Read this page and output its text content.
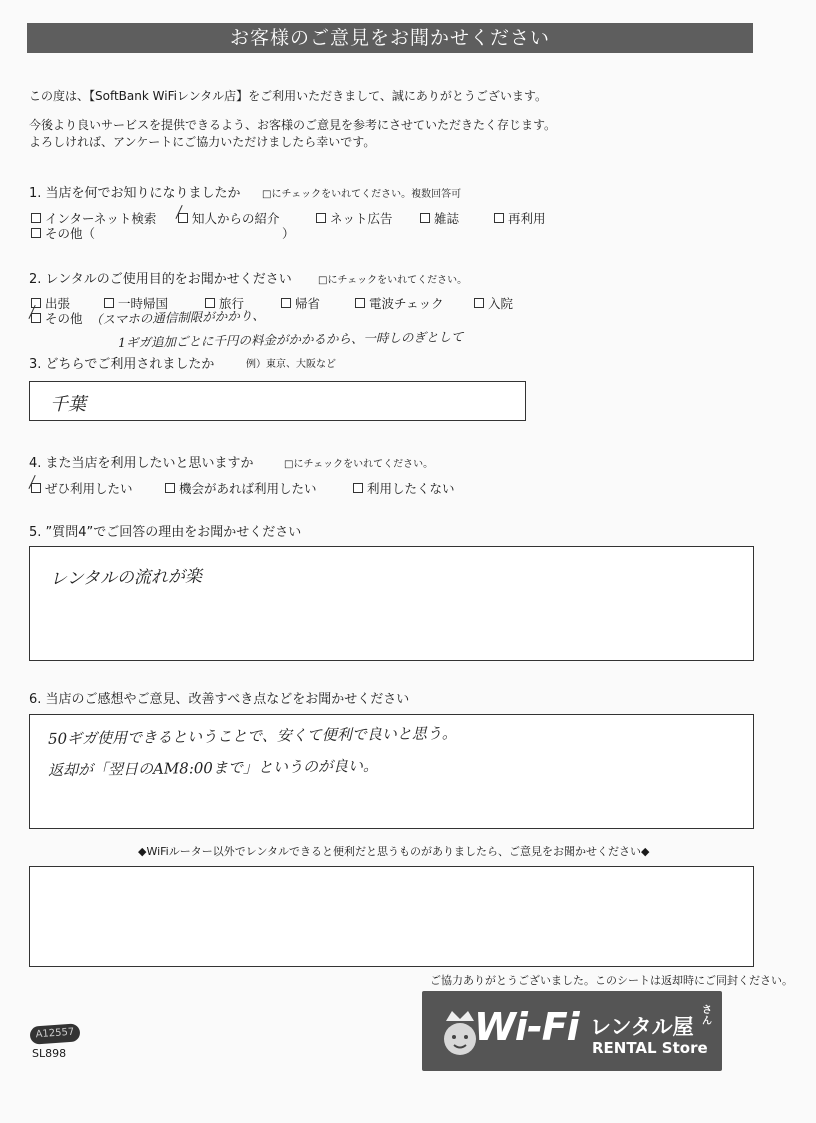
お客様のご意見をお聞かせください
この度は、【SoftBank WiFiレンタル店】をご利用いただきまして、誠にありがとうございます。
今後より良いサービスを提供できるよう、お客様のご意見を参考にさせていただきたく存じます。
よろしければ、アンケートにご協力いただけましたら幸いです。
1. 当店を何でお知りになりましたか □にチェックをいれてください。複数回答可
インターネット検索	知人からの紹介	ネット広告	雑誌	再利用
その他（	）
2. レンタルのご使用目的をお聞かせください	□にチェックをいれてください。
出張	一時帰国	旅行	帰省	電波チェック	入院
その他 （スマホの通信制限がかかり、
1ギガ追加ごとに千円の料金がかかるから、一時しのぎとして
3. どちらでご利用されましたか	例）東京、大阪など
千葉
4. また当店を利用したいと思いますか	□にチェックをいれてください。
ぜひ利用したい	機会があれば利用したい	利用したくない
5. ”質問4”でご回答の理由をお聞かせください
レンタルの流れが楽
6. 当店のご感想やご意見、改善すべき点などをお聞かせください
50ギガ使用できるということで、安くて便利で良いと思う。
返却が「翌日のAM8:00まで」というのが良い。
◆WiFiルーター以外でレンタルできると便利だと思うものがありましたら、ご意見をお聞かせください◆
ご協力ありがとうございました。このシートは返却時にご同封ください。
A12557
SL898
Wi-Fi レンタル屋
さん
RENTAL Store
